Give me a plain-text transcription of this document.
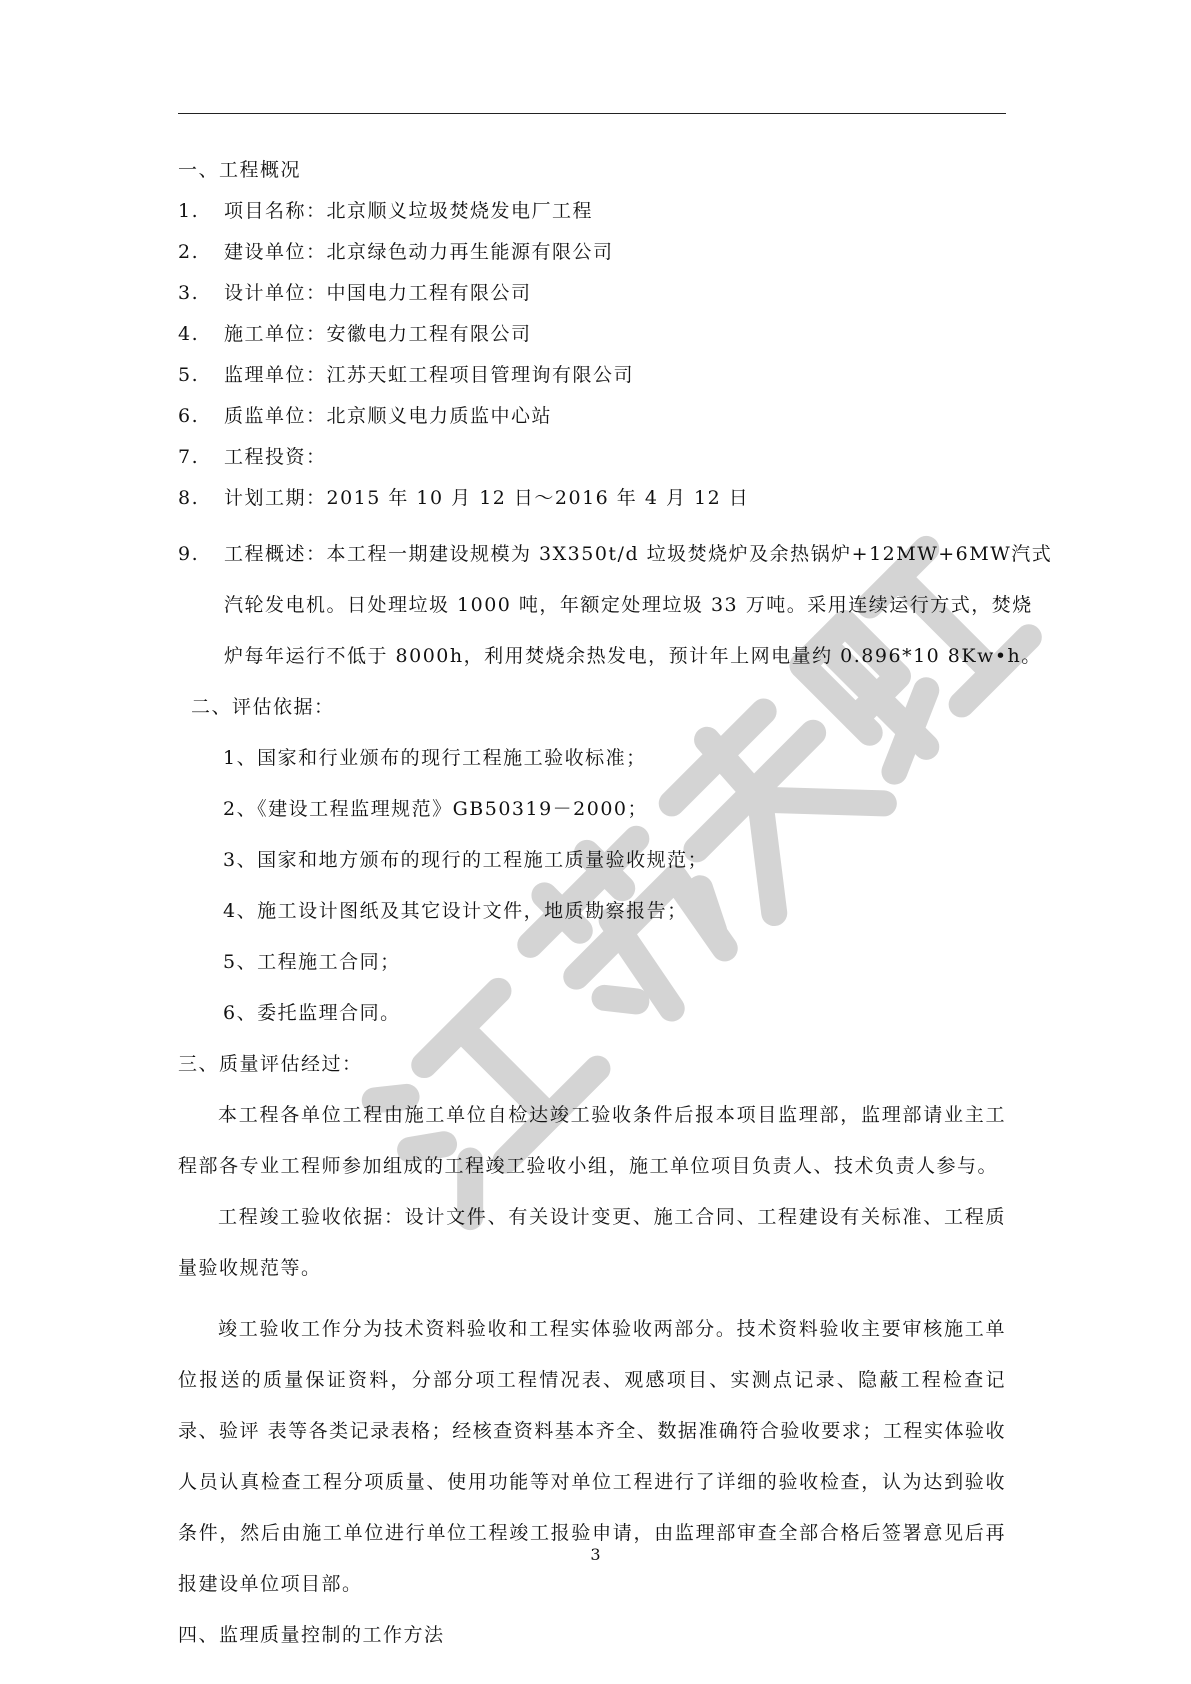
一、工程概况
1.	项目名称：北京顺义垃圾焚烧发电厂工程
2.	建设单位：北京绿色动力再生能源有限公司
3.	设计单位：中国电力工程有限公司
4.	施工单位：安徽电力工程有限公司
5.	监理单位：江苏天虹工程项目管理询有限公司
6.	质监单位：北京顺义电力质监中心站
7.	工程投资：
8.	计划工期：2015 年 10 月 12 日～2016 年 4 月 12 日
9.	工程概述：本工程一期建设规模为 3X350t/d 垃圾焚烧炉及余热锅炉+12MW+6MW汽式
汽轮发电机。日处理垃圾 1000 吨，年额定处理垃圾 33 万吨。采用连续运行方式，焚烧
炉每年运行不低于 8000h，利用焚烧余热发电，预计年上网电量约 0.896*10 8Kw•h。
二、评估依据：
1、国家和行业颁布的现行工程施工验收标准；
2、《建设工程监理规范》GB50319－2000；
3、国家和地方颁布的现行的工程施工质量验收规范；
4、施工设计图纸及其它设计文件，地质勘察报告；
5、工程施工合同；
6、委托监理合同。
三、质量评估经过：
本工程各单位工程由施工单位自检达竣工验收条件后报本项目监理部，监理部请业主工程部各专业工程师参加组成的工程竣工验收小组，施工单位项目负责人、技术负责人参与。
工程竣工验收依据：设计文件、有关设计变更、施工合同、工程建设有关标准、工程质量验收规范等。
竣工验收工作分为技术资料验收和工程实体验收两部分。技术资料验收主要审核施工单位报送的质量保证资料，分部分项工程情况表、观感项目、实测点记录、隐蔽工程检查记录、验评 表等各类记录表格；经核查资料基本齐全、数据准确符合验收要求；工程实体验收人员认真检查工程分项质量、使用功能等对单位工程进行了详细的验收检查，认为达到验收条件，然后由施工单位进行单位工程竣工报验申请，由监理部审查全部合格后签署意见后再报建设单位项目部。
四、监理质量控制的工作方法
3
